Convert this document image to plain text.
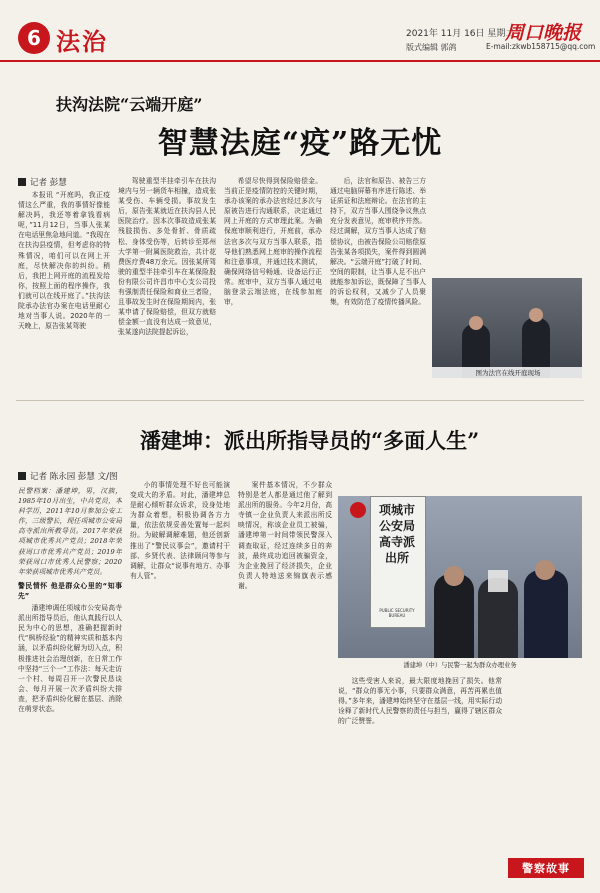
6 法治	2021年 11月 16日 星期二
版式编辑 郭鸽
周口晚报
E-mail:zkwb158715@qq.com
扶沟法院“云端开庭”
智慧法庭“疫”路无忧
记者 彭慧

本报讯 “开庭吗，我正疫情这么严重，我的事情好像能解决吗，我还等着拿钱看病呢，”11月12日，当事人张某在电话里焦急地问道。“我现在在扶沟县疫情，但考虑你的特殊情况，咱们可以在网上开庭，尽快解决你的纠纷。稍后，我把上网开庭的流程发给你，按照上面的程序操作，我们就可以在线开庭了。”扶沟法院承办法官办案在电话里耐心地对当事人说。2020年的一天晚上，原告张某驾驶

驾驶重型半挂牵引车在扶沟境内与另一辆货车相撞，造成张某受伤、车辆受损。事故发生后，原告张某就近在扶沟县人民医院治疗。因本次事故造成张某残肢损伤、多处骨折、骨质疏松、身体受伤等，后转诊至郑州大学第一附属医院救治，共计花费医疗费48万余元。因张某所驾驶的重型半挂牵引车在某保险股份有限公司许昌市中心支公司投有强制责任保险和商业三者险，且事故发生时在保险期间内，张某申请了保险赔偿，但双方就赔偿金额一直没有达成一致意见，张某遂向法院提起诉讼，

希望尽快得到保险赔偿金。当前正是疫情防控的关键时期，承办该案的承办法官经过多次与原被告进行沟通联系，决定通过网上开庭的方式审理此案。为确保庭审顺利进行，开庭前，承办法官多次与双方当事人联系，指导他们熟悉网上庭审的操作流程和注意事项，并通过技术测试，确保网络信号畅通、设备运行正常。庭审中，双方当事人通过电脑登录云端法庭，在线参加庭审，

后，法官和原告、被告三方通过电脑屏幕有序进行陈述、举证质证和法庭辩论。在法官的主持下，双方当事人围绕争议焦点充分发表意见，庭审秩序井然。经过调解，双方当事人达成了赔偿协议，由被告保险公司赔偿原告张某各项损失，案件得到圆满解决。“云端开庭”打破了时间、空间的限制，让当事人足不出户就能参加诉讼，既保障了当事人的诉讼权利，又减少了人员聚集，有效防范了疫情传播风险。

图为法官在线开庭现场
潘建坤：派出所指导员的“多面人生”
记者 陈永园 彭慧 文/图

民警档案：潘建坤，男，汉族，1985年10月出生，中共党员，本科学历，2011年10月参加公安工作，三级警长，现任项城市公安局高寺派出所教导员。2017年荣获项城市优秀共产党员；2018年荣获周口市优秀共产党员；2019年荣获周口市优秀人民警察；2020年荣获项城市优秀共产党员。

警民情怀 他是群众心里的“知事先”

潘建坤调任项城市公安局高寺派出所指导员后，他认真践行以人民为中心的思想，准确把握新时代“枫桥经验”的精神实质和基本内涵，以矛盾纠纷化解为切入点，积极推进社会治理创新，在日常工作中坚持“三个一”工作法：每天走访一个村、每周召开一次警民恳谈会、每月开展一次矛盾纠纷大排查，把矛盾纠纷化解在基层、消除在萌芽状态。

小的事情处理不好也可能演变成大的矛盾。对此，潘建坤总是耐心倾听群众诉求，设身处地为群众着想，积极协调各方力量，依法依规妥善处置每一起纠纷。为破解调解难题，他还创新推出了“警民议事会”，邀请村干部、乡贤代表、法律顾问等参与调解，让群众“说事有地方、办事有人管”。

案件基本情况，不少群众特别是老人都是通过他了解到派出所的服务。今年2月份，高寺镇一企业负责人来派出所反映情况，称该企业员工被骗，潘建坤第一时间带领民警深入调查取证，经过连续多日的奔波，最终成功追回被骗资金，为企业挽回了经济损失，企业负责人特地送来锦旗表示感谢。

这些受害人来说，最大限度地挽回了损失。他常说，“群众的事无小事，只要群众满意，再苦再累也值得。”多年来，潘建坤始终坚守在基层一线，用实际行动诠释了新时代人民警察的责任与担当，赢得了辖区群众的广泛赞誉。

项城市公安局高寺派出所
PUBLIC SECURITY BUREAU
潘建坤（中）与民警一起为群众办理业务
警察故事
